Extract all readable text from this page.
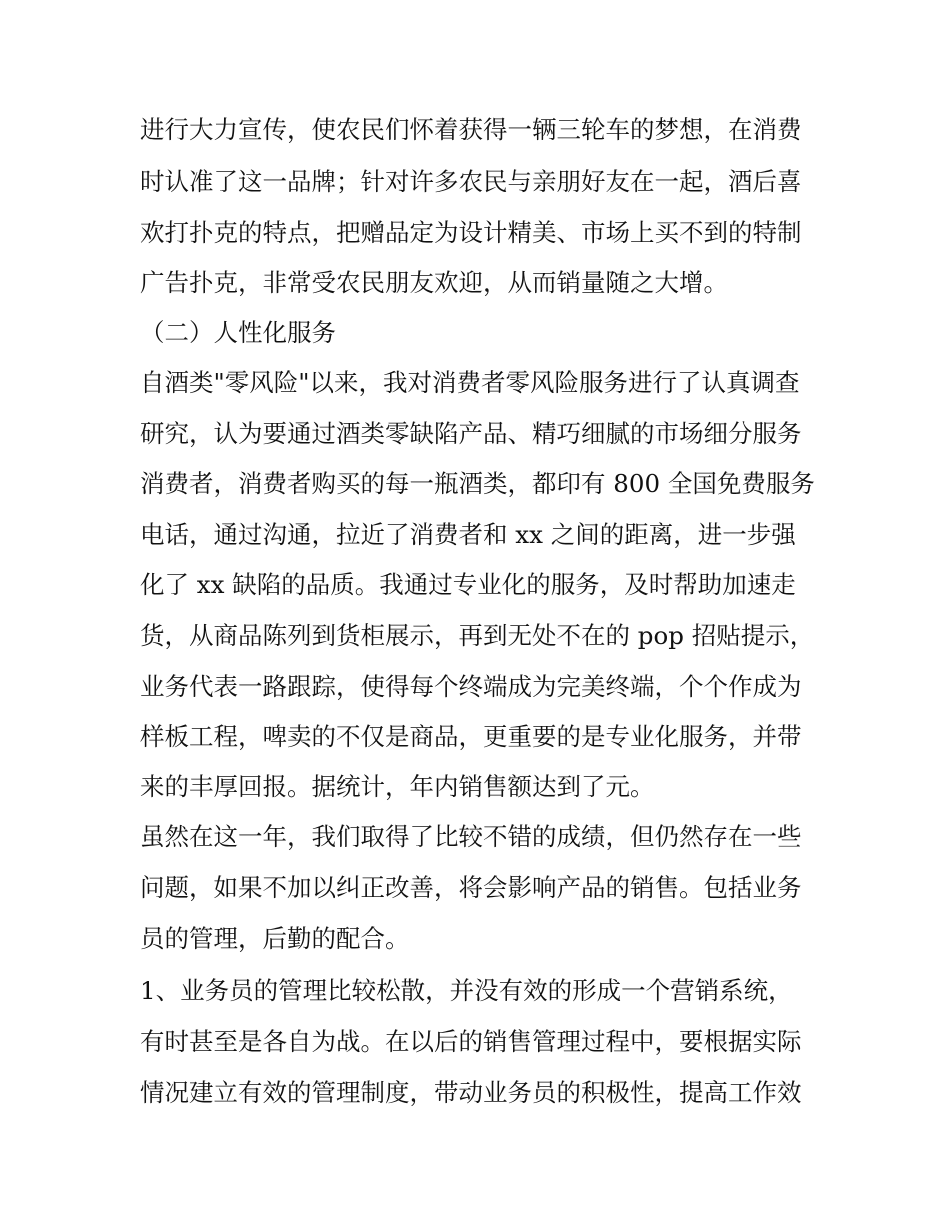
进行大力宣传，使农民们怀着获得一辆三轮车的梦想，在消费
时认准了这一品牌；针对许多农民与亲朋好友在一起，酒后喜
欢打扑克的特点，把赠品定为设计精美、市场上买不到的特制
广告扑克，非常受农民朋友欢迎，从而销量随之大增。
（二）人性化服务
自酒类"零风险"以来，我对消费者零风险服务进行了认真调查
研究，认为要通过酒类零缺陷产品、精巧细腻的市场细分服务
消费者，消费者购买的每一瓶酒类，都印有 800 全国免费服务
电话，通过沟通，拉近了消费者和 xx 之间的距离，进一步强
化了 xx 缺陷的品质。我通过专业化的服务，及时帮助加速走
货，从商品陈列到货柜展示，再到无处不在的 pop 招贴提示，
业务代表一路跟踪，使得每个终端成为完美终端，个个作成为
样板工程，啤卖的不仅是商品，更重要的是专业化服务，并带
来的丰厚回报。据统计，年内销售额达到了元。
虽然在这一年，我们取得了比较不错的成绩，但仍然存在一些
问题，如果不加以纠正改善，将会影响产品的销售。包括业务
员的管理，后勤的配合。
1、业务员的管理比较松散，并没有效的形成一个营销系统，
有时甚至是各自为战。在以后的销售管理过程中，要根据实际
情况建立有效的管理制度，带动业务员的积极性，提高工作效
